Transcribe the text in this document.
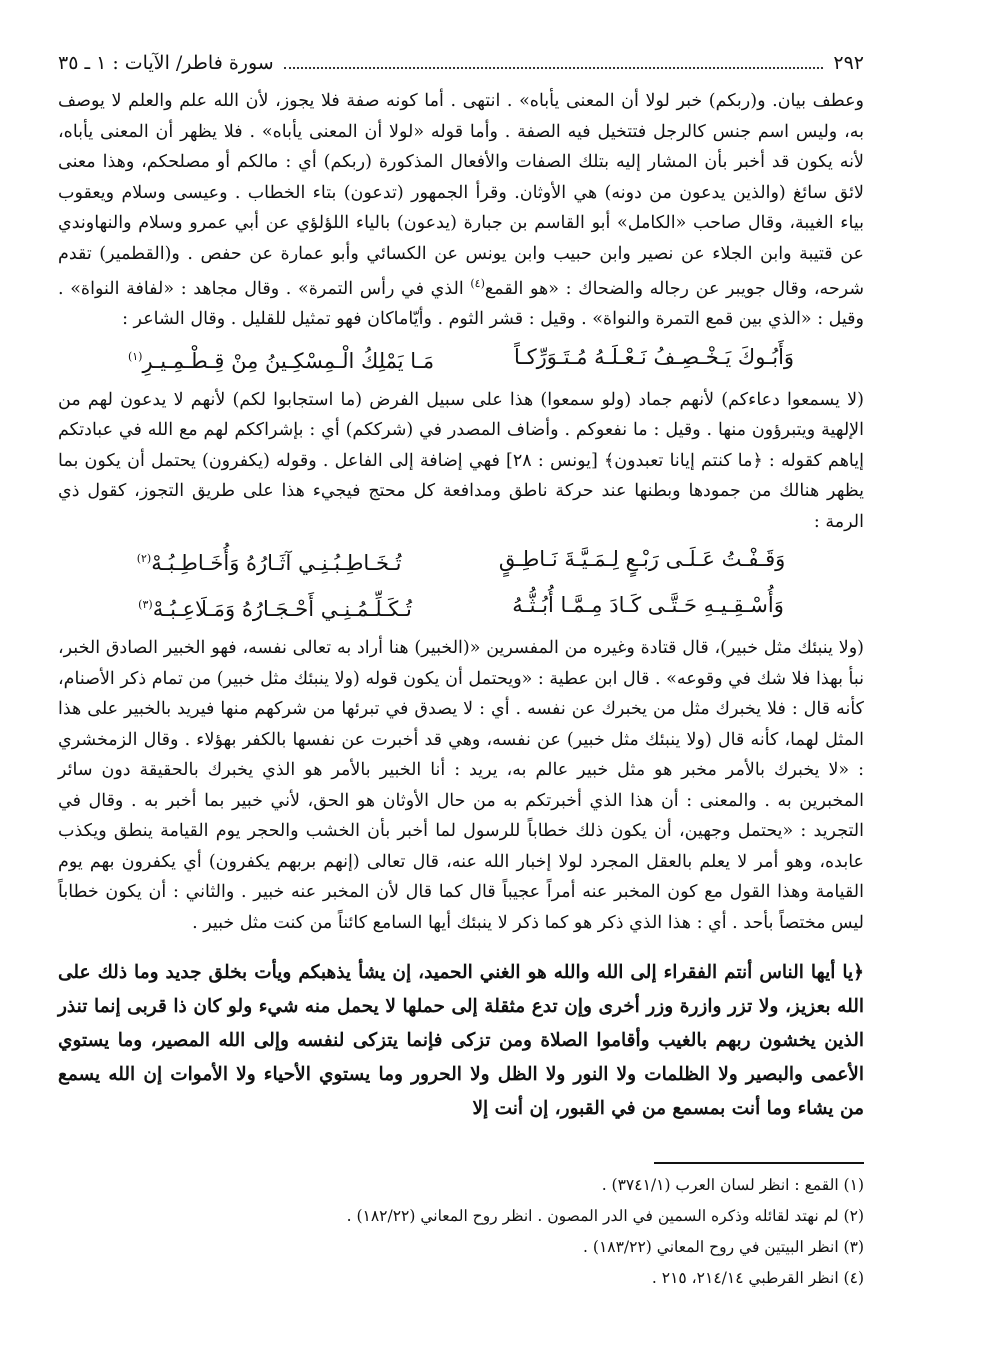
٢٩٢
سورة فاطر/ الآيات : ١ ـ ٣٥

وعطف بيان. و(ربكم) خبر لولا أن المعنى يأباه» . انتهى . أما كونه صفة فلا يجوز، لأن الله علم والعلم لا يوصف به، وليس اسم جنس كالرجل فتتخيل فيه الصفة . وأما قوله «لولا أن المعنى يأباه» . فلا يظهر أن المعنى يأباه، لأنه يكون قد أخبر بأن المشار إليه بتلك الصفات والأفعال المذكورة (ربكم) أي : مالكم أو مصلحكم، وهذا معنى لائق سائغ (والذين يدعون من دونه) هي الأوثان. وقرأ الجمهور (تدعون) بتاء الخطاب . وعيسى وسلام ويعقوب بياء الغيبة، وقال صاحب «الكامل» أبو القاسم بن جبارة (يدعون) بالياء اللؤلؤي عن أبي عمرو وسلام والنهاوندي عن قتيبة وابن الجلاء عن نصير وابن حبيب وابن يونس عن الكسائي وأبو عمارة عن حفص . و(القطمير) تقدم شرحه، وقال جويبر عن رجاله والضحاك : «هو القمع$^{(٤)}$ الذي في رأس التمرة» . وقال مجاهد : «لفافة النواة» . وقيل : «الذي بين قمع التمرة والنواة» . وقيل : قشر الثوم . وأيّاماكان فهو تمثيل للقليل . وقال الشاعر :

وَأَبُـوكَ يَـخْـصِـفُ نَـعْـلَـهُ مُـتَـوَرِّكـاً
مَـا يَمْلِكُ الْـمِسْكِـينُ مِنْ قِـطْـمِـيـرِ$^{(١)}$

(لا يسمعوا دعاءكم) لأنهم جماد (ولو سمعوا) هذا على سبيل الفرض (ما استجابوا لكم) لأنهم لا يدعون لهم من الإلهية ويتبرؤون منها . وقيل : ما نفعوكم . وأضاف المصدر في (شرككم) أي : بإشراككم لهم مع الله في عبادتكم إياهم كقوله : ﴿ما كنتم إيانا تعبدون﴾ [يونس : ٢٨] فهي إضافة إلى الفاعل . وقوله (يكفرون) يحتمل أن يكون بما يظهر هنالك من جمودها وبطنها عند حركة ناطق ومدافعة كل محتج فيجيء هذا على طريق التجوز، كقول ذي الرمة :

وَقَـفْـتُ عَـلَـى رَبْـعٍ لِـمَـيَّـةَ نَـاطِـقٍ
تُـخَـاطِـبُـنِـي آثَـارُهُ وَأُخَـاطِـبُـهْ$^{(٢)}$
وَأُسْـقِـيـهِ حَـتَّـى كَـادَ مِـمَّـا أُبُـثُّـهُ
تُـكَـلِّـمُـنِـي أَحْـجَـارُهُ وَمَـلَاعِـبُـهْ$^{(٣)}$

(ولا ينبئك مثل خبير)، قال قتادة وغيره من المفسرين «(الخبير) هنا أراد به تعالى نفسه، فهو الخبير الصادق الخبر، نبأ بهذا فلا شك في وقوعه» . قال ابن عطية : «ويحتمل أن يكون قوله (ولا ينبئك مثل خبير) من تمام ذكر الأصنام، كأنه قال : فلا يخبرك مثل من يخبرك عن نفسه . أي : لا يصدق في تبرئها من شركهم منها فيريد بالخبير على هذا المثل لهما، كأنه قال (ولا ينبئك مثل خبير) عن نفسه، وهي قد أخبرت عن نفسها بالكفر بهؤلاء . وقال الزمخشري : «لا يخبرك بالأمر مخبر هو مثل خبير عالم به، يريد : أنا الخبير بالأمر هو الذي يخبرك بالحقيقة دون سائر المخبرين به . والمعنى : أن هذا الذي أخبرتكم به من حال الأوثان هو الحق، لأني خبير بما أخبر به . وقال في التجريد : «يحتمل وجهين، أن يكون ذلك خطاباً للرسول لما أخبر بأن الخشب والحجر يوم القيامة ينطق ويكذب عابده، وهو أمر لا يعلم بالعقل المجرد لولا إخبار الله عنه، قال تعالى (إنهم بربهم يكفرون) أي يكفرون بهم يوم القيامة وهذا القول مع كون المخبر عنه أمراً عجيباً قال كما قال لأن المخبر عنه خبير . والثاني : أن يكون خطاباً ليس مختصاً بأحد . أي : هذا الذي ذكر هو كما ذكر لا ينبئك أيها السامع كائناً من كنت مثل خبير .

﴿يا أيها الناس أنتم الفقراء إلى الله والله هو الغني الحميد، إن يشأ يذهبكم ويأت بخلق جديد وما ذلك على الله بعزيز، ولا تزر وازرة وزر أخرى وإن تدع مثقلة إلى حملها لا يحمل منه شيء ولو كان ذا قربى إنما تنذر الذين يخشون ربهم بالغيب وأقاموا الصلاة ومن تزكى فإنما يتزكى لنفسه وإلى الله المصير، وما يستوي الأعمى والبصير ولا الظلمات ولا النور ولا الظل ولا الحرور وما يستوي الأحياء ولا الأموات إن الله يسمع من يشاء وما أنت بمسمع من في القبور، إن أنت إلا
(١) القمع : انظر لسان العرب (٣٧٤١/١) .
(٢) لم نهتد لقائله وذكره السمين في الدر المصون . انظر روح المعاني (١٨٢/٢٢) .
(٣) انظر البيتين في روح المعاني (١٨٣/٢٢) .
(٤) انظر القرطبي ٢١٤/١٤، ٢١٥ .
